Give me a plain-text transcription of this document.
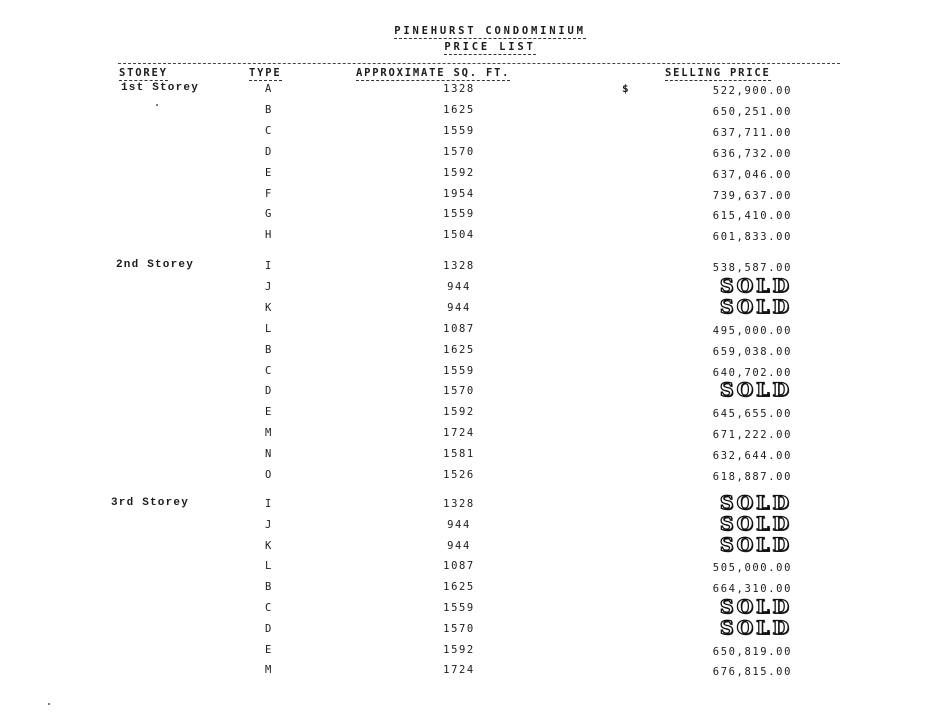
PINEHURST CONDOMINIUM
PRICE LIST
STOREY	TYPE	APPROXIMATE SQ. FT.	SELLING PRICE
$
1st Storey	A	1328	522,900.00
B	1625	650,251.00
C	1559	637,711.00
D	1570	636,732.00
E	1592	637,046.00
F	1954	739,637.00
G	1559	615,410.00
H	1504	601,833.00
2nd Storey	I	1328	538,587.00
J	944	SOLD
K	944	SOLD
L	1087	495,000.00
B	1625	659,038.00
C	1559	640,702.00
D	1570	SOLD
E	1592	645,655.00
M	1724	671,222.00
N	1581	632,644.00
O	1526	618,887.00
3rd Storey	I	1328	SOLD
J	944	SOLD
K	944	SOLD
L	1087	505,000.00
B	1625	664,310.00
C	1559	SOLD
D	1570	SOLD
E	1592	650,819.00
M	1724	676,815.00
